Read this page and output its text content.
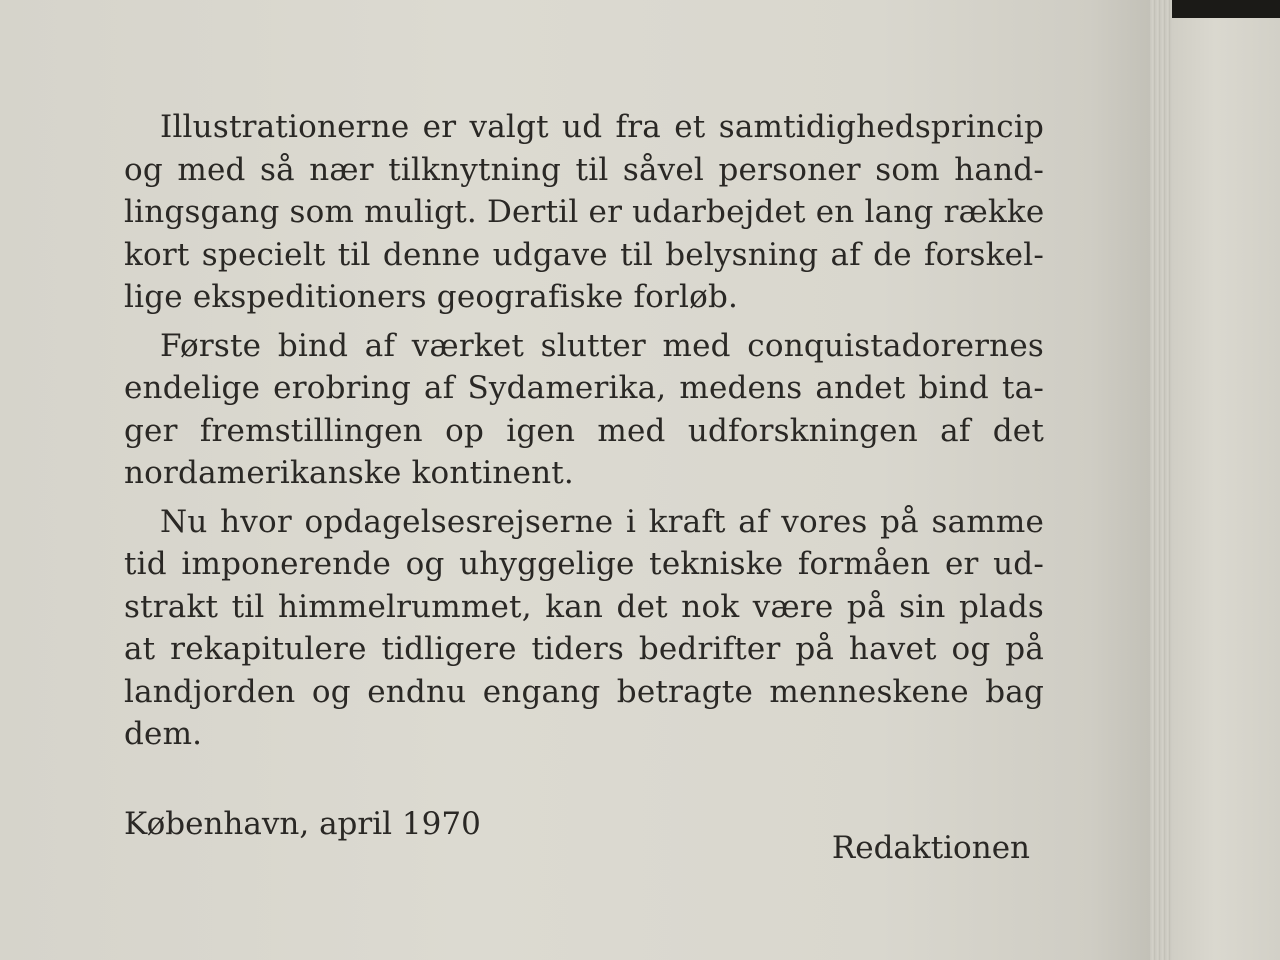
Illustrationerne er valgt ud fra et samtidighedsprincip
og med så nær tilknytning til såvel personer som hand-
lingsgang som muligt. Dertil er udarbejdet en lang række
kort specielt til denne udgave til belysning af de forskel-
lige ekspeditioners geografiske forløb.

Første bind af værket slutter med conquistadorernes
endelige erobring af Sydamerika, medens andet bind ta-
ger fremstillingen op igen med udforskningen af det
nordamerikanske kontinent.

Nu hvor opdagelsesrejserne i kraft af vores på samme
tid imponerende og uhyggelige tekniske formåen er ud-
strakt til himmelrummet, kan det nok være på sin plads
at rekapitulere tidligere tiders bedrifter på havet og på
landjorden og endnu engang betragte menneskene bag
dem.

København, april 1970
Redaktionen
